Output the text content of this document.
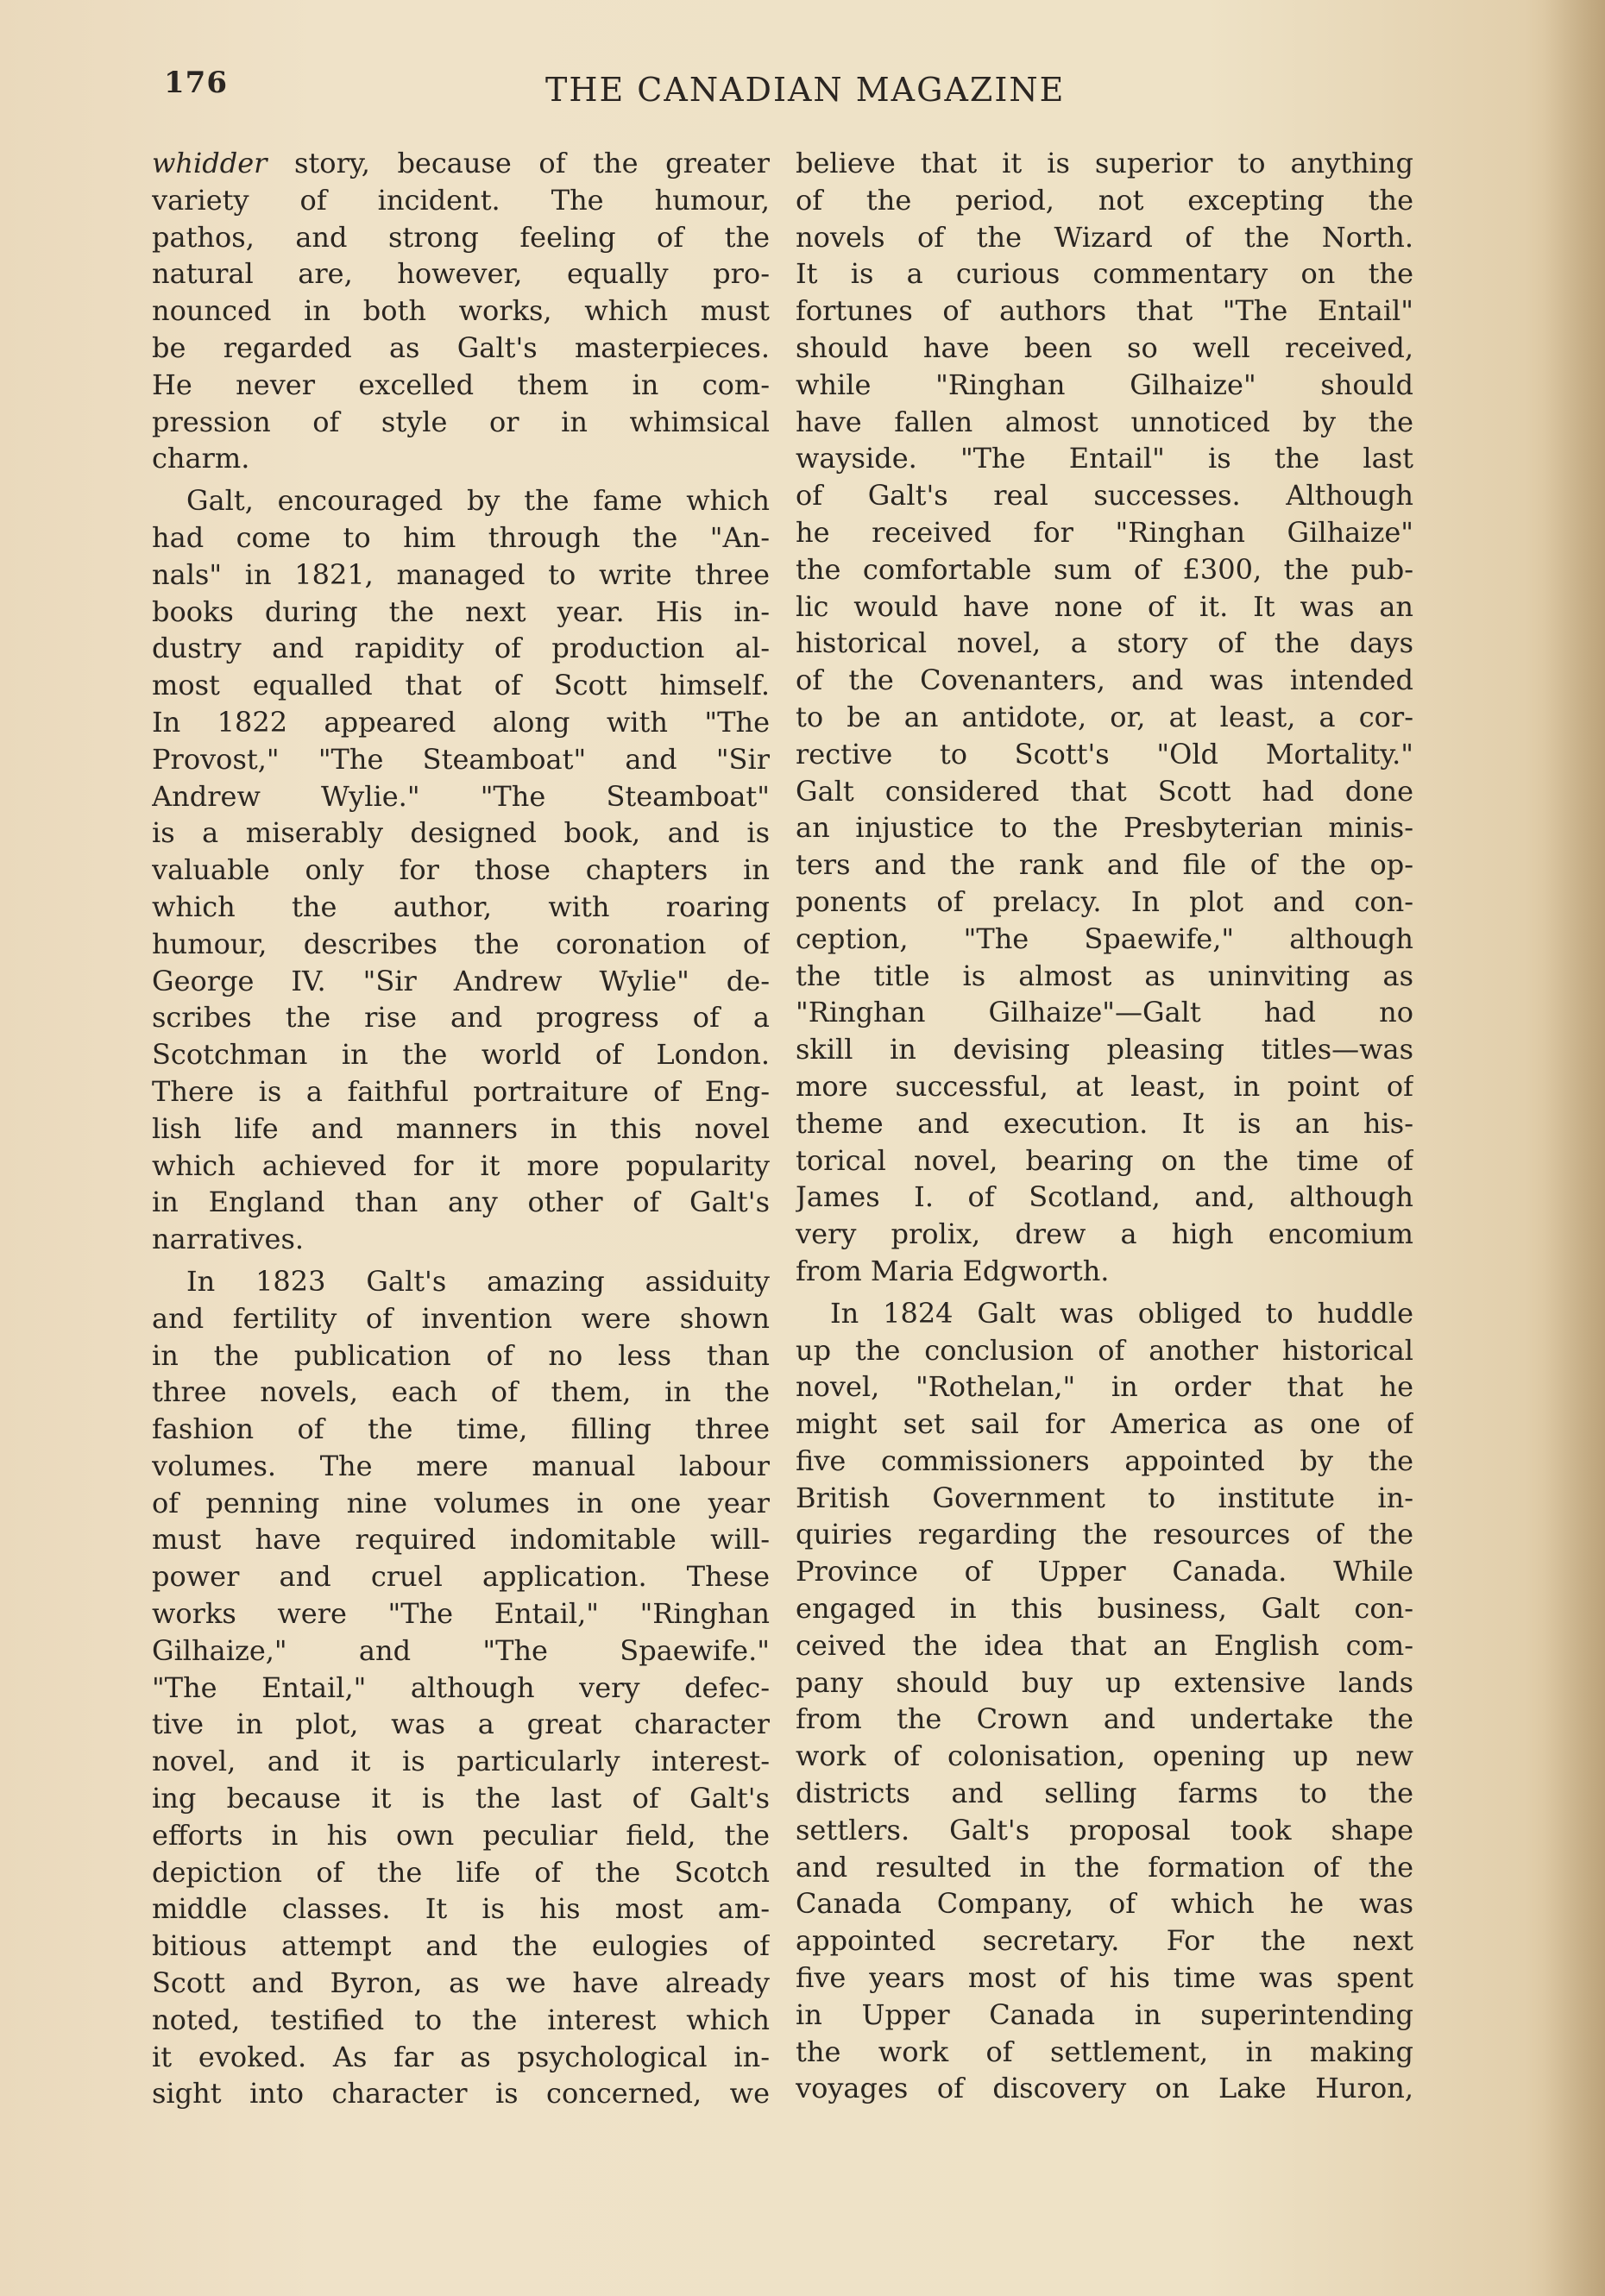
176	THE CANADIAN MAGAZINE
whidder story, because of the greater
variety of incident. The humour,
pathos, and strong feeling of the
natural are, however, equally pro-
nounced in both works, which must
be regarded as Galt's masterpieces.
He never excelled them in com-
pression of style or in whimsical
charm.
Galt, encouraged by the fame which
had come to him through the "An-
nals" in 1821, managed to write three
books during the next year. His in-
dustry and rapidity of production al-
most equalled that of Scott himself.
In 1822 appeared along with "The
Provost," "The Steamboat" and "Sir
Andrew Wylie." "The Steamboat"
is a miserably designed book, and is
valuable only for those chapters in
which the author, with roaring
humour, describes the coronation of
George IV. "Sir Andrew Wylie" de-
scribes the rise and progress of a
Scotchman in the world of London.
There is a faithful portraiture of Eng-
lish life and manners in this novel
which achieved for it more popularity
in England than any other of Galt's
narratives.
In 1823 Galt's amazing assiduity
and fertility of invention were shown
in the publication of no less than
three novels, each of them, in the
fashion of the time, filling three
volumes. The mere manual labour
of penning nine volumes in one year
must have required indomitable will-
power and cruel application. These
works were "The Entail," "Ringhan
Gilhaize," and "The Spaewife."
"The Entail," although very defec-
tive in plot, was a great character
novel, and it is particularly interest-
ing because it is the last of Galt's
efforts in his own peculiar field, the
depiction of the life of the Scotch
middle classes. It is his most am-
bitious attempt and the eulogies of
Scott and Byron, as we have already
noted, testified to the interest which
it evoked. As far as psychological in-
sight into character is concerned, we
believe that it is superior to anything
of the period, not excepting the
novels of the Wizard of the North.
It is a curious commentary on the
fortunes of authors that "The Entail"
should have been so well received,
while "Ringhan Gilhaize" should
have fallen almost unnoticed by the
wayside. "The Entail" is the last
of Galt's real successes. Although
he received for "Ringhan Gilhaize"
the comfortable sum of £300, the pub-
lic would have none of it. It was an
historical novel, a story of the days
of the Covenanters, and was intended
to be an antidote, or, at least, a cor-
rective to Scott's "Old Mortality."
Galt considered that Scott had done
an injustice to the Presbyterian minis-
ters and the rank and file of the op-
ponents of prelacy. In plot and con-
ception, "The Spaewife," although
the title is almost as uninviting as
"Ringhan Gilhaize"—Galt had no
skill in devising pleasing titles—was
more successful, at least, in point of
theme and execution. It is an his-
torical novel, bearing on the time of
James I. of Scotland, and, although
very prolix, drew a high encomium
from Maria Edgworth.
In 1824 Galt was obliged to huddle
up the conclusion of another historical
novel, "Rothelan," in order that he
might set sail for America as one of
five commissioners appointed by the
British Government to institute in-
quiries regarding the resources of the
Province of Upper Canada. While
engaged in this business, Galt con-
ceived the idea that an English com-
pany should buy up extensive lands
from the Crown and undertake the
work of colonisation, opening up new
districts and selling farms to the
settlers. Galt's proposal took shape
and resulted in the formation of the
Canada Company, of which he was
appointed secretary. For the next
five years most of his time was spent
in Upper Canada in superintending
the work of settlement, in making
voyages of discovery on Lake Huron,
